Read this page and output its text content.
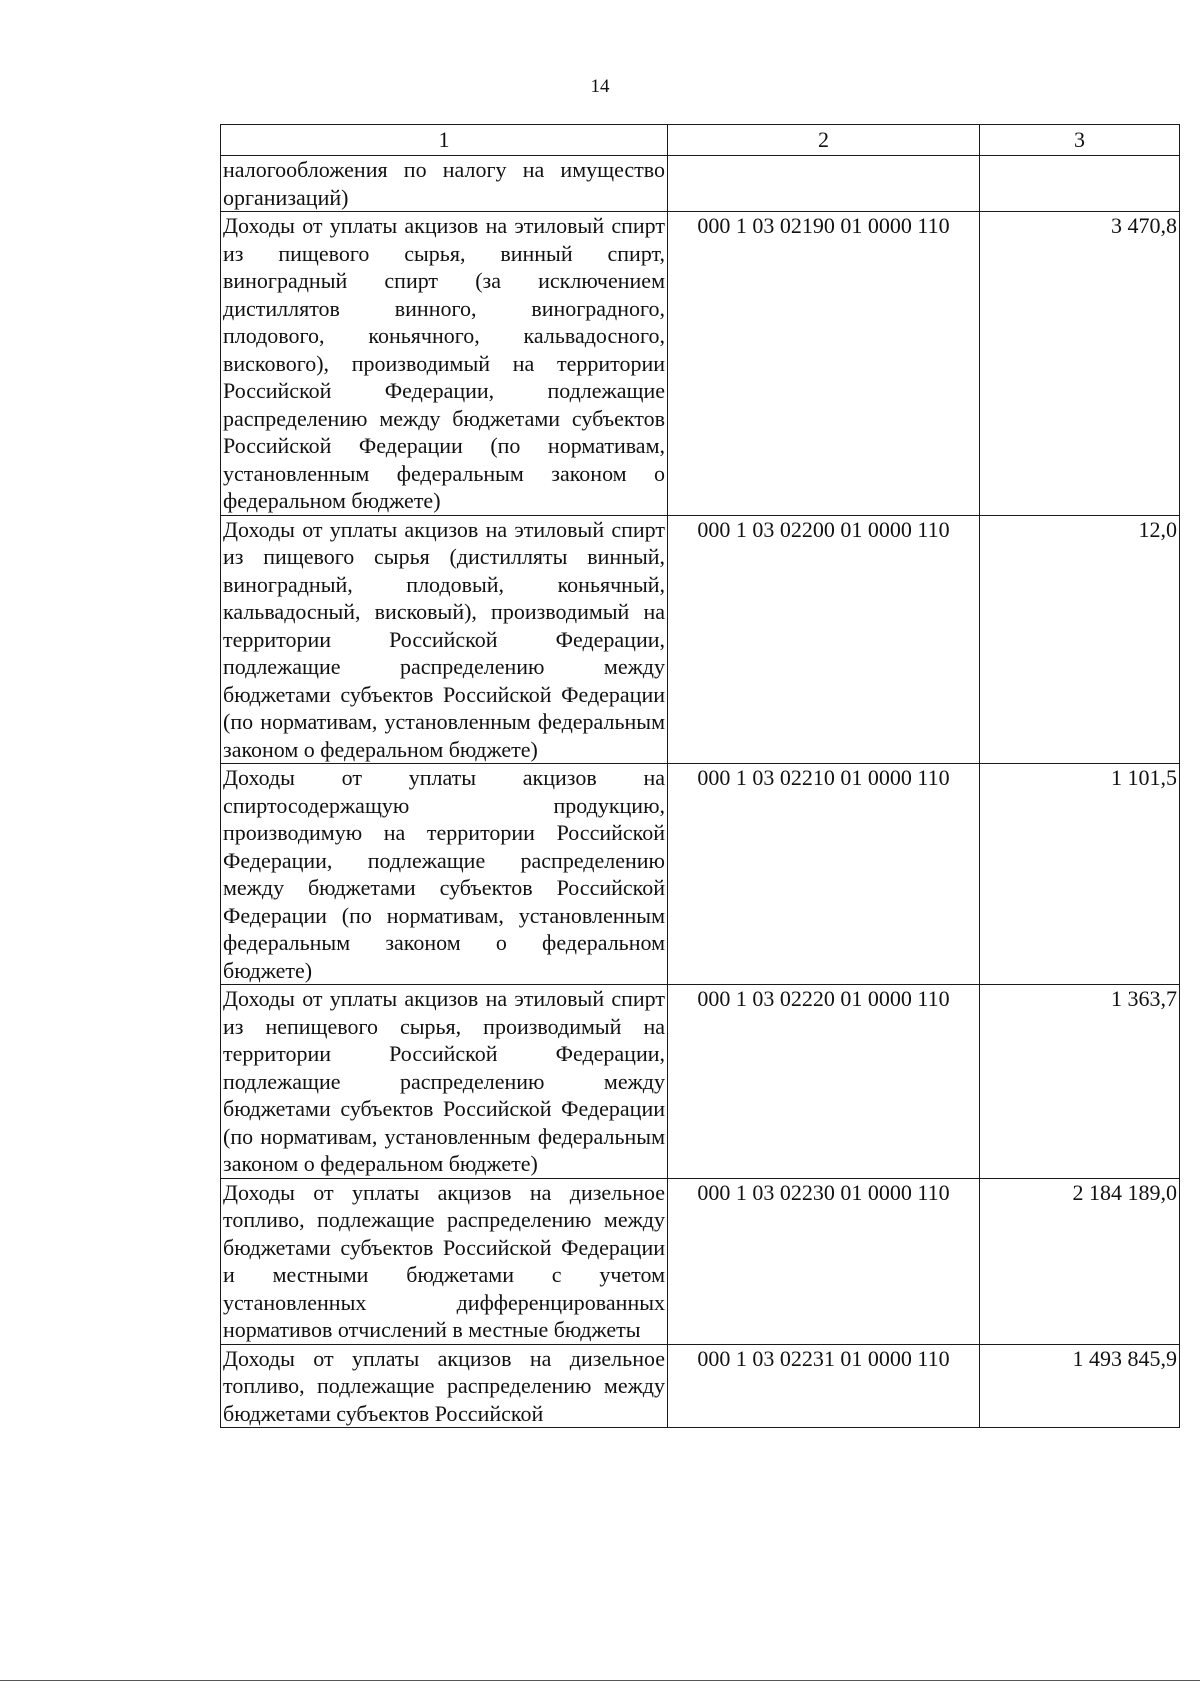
14
1	2	3
налогообложения по налогу на имущество организаций)		
Доходы от уплаты акцизов на этиловый спирт из пищевого сырья, винный спирт, виноградный спирт (за исключением дистиллятов винного, виноградного, плодового, коньячного, кальвадосного, вискового), производимый на территории Российской Федерации, подлежащие распределению между бюджетами субъектов Российской Федерации (по нормативам, установленным федеральным законом о федеральном бюджете)	000 1 03 02190 01 0000 110	3 470,8
Доходы от уплаты акцизов на этиловый спирт из пищевого сырья (дистилляты винный, виноградный, плодовый, коньячный, кальвадосный, висковый), производимый на территории Российской Федерации, подлежащие распределению между бюджетами субъектов Российской Федерации (по нормативам, установленным федеральным законом о федеральном бюджете)	000 1 03 02200 01 0000 110	12,0
Доходы от уплаты акцизов на спиртосодержащую продукцию, производимую на территории Российской Федерации, подлежащие распределению между бюджетами субъектов Российской Федерации (по нормативам, установленным федеральным законом о федеральном бюджете)	000 1 03 02210 01 0000 110	1 101,5
Доходы от уплаты акцизов на этиловый спирт из непищевого сырья, производимый на территории Российской Федерации, подлежащие распределению между бюджетами субъектов Российской Федерации (по нормативам, установленным федеральным законом о федеральном бюджете)	000 1 03 02220 01 0000 110	1 363,7
Доходы от уплаты акцизов на дизельное топливо, подлежащие распределению между бюджетами субъектов Российской Федерации и местными бюджетами с учетом установленных дифференцированных нормативов отчислений в местные бюджеты	000 1 03 02230 01 0000 110	2 184 189,0
Доходы от уплаты акцизов на дизельное топливо, подлежащие распределению между бюджетами субъектов Российской	000 1 03 02231 01 0000 110	1 493 845,9
